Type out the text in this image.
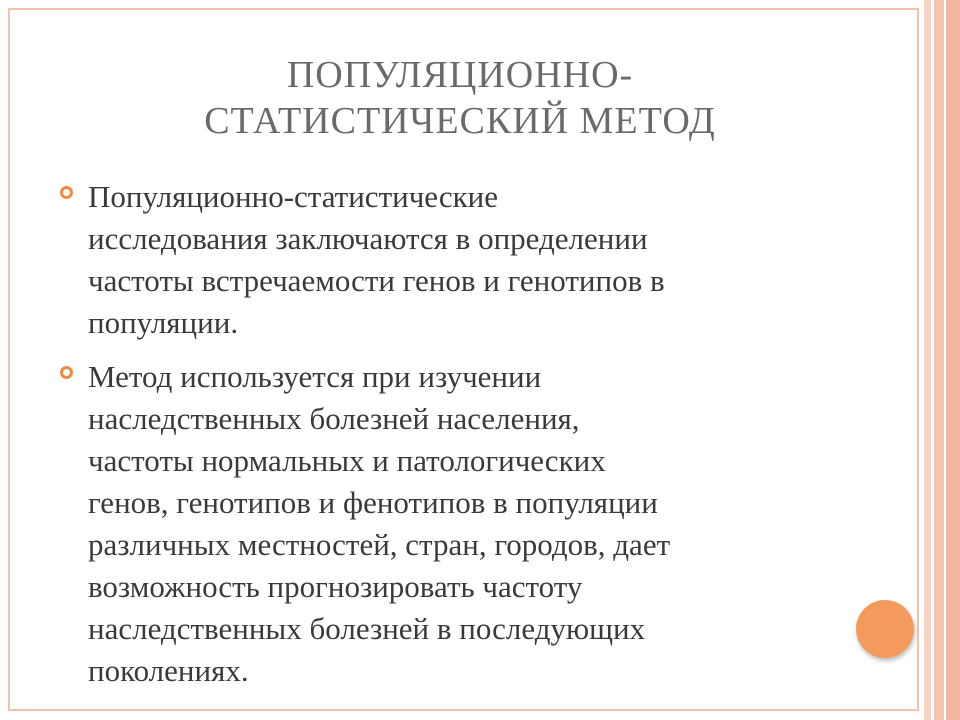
ПОПУЛЯЦИОННО-
СТАТИСТИЧЕСКИЙ МЕТОД
Популяционно-статистические
исследования заключаются в определении
частоты встречаемости генов и генотипов в
популяции.
Метод используется при изучении
наследственных болезней населения,
частоты нормальных и патологических
генов, генотипов и фенотипов в популяции
различных местностей, стран, городов, дает
возможность прогнозировать частоту
наследственных болезней в последующих
поколениях.
